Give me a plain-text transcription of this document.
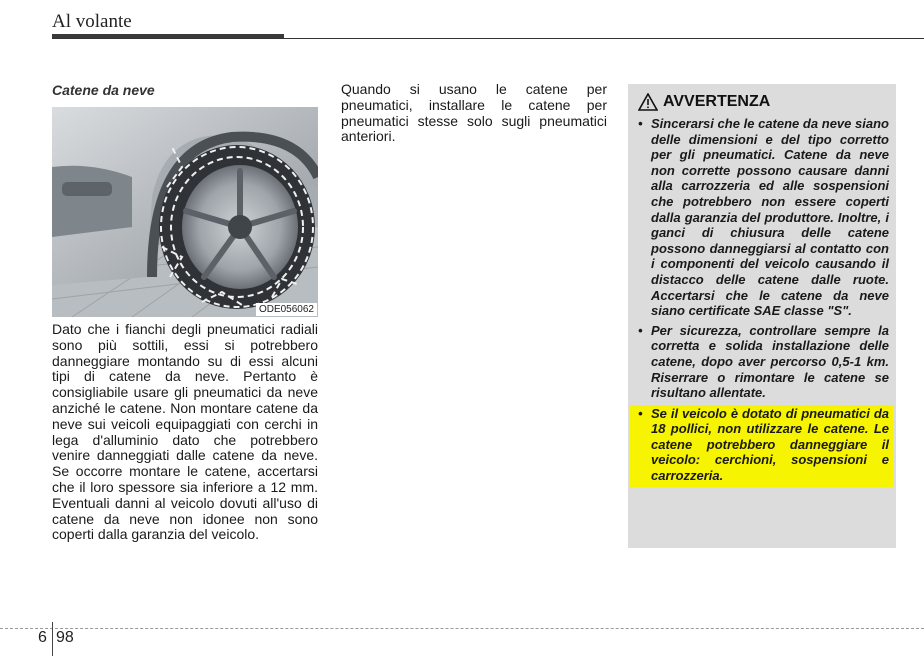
Al volante
Catene da neve
ODE056062
Dato che i fianchi degli pneumatici radiali sono più sottili, essi si potrebbero danneggiare montando su di essi alcuni tipi di catene da neve. Pertanto è consigliabile usare gli pneumatici da neve anziché le catene. Non montare catene da neve sui veicoli equipaggiati con cerchi in lega d'alluminio dato che potrebbero venire danneggiati dalle catene da neve. Se occorre montare le catene, accertarsi che il loro spessore sia inferiore a 12 mm. Eventuali danni al veicolo dovuti all'uso di catene da neve non idonee non sono coperti dalla garanzia del veicolo.
Quando si usano le catene per pneumatici, installare le catene per pneumatici stesse solo sugli pneumatici anteriori.
AVVERTENZA
• Sincerarsi che le catene da neve siano delle dimensioni e del tipo corretto per gli pneumatici. Catene da neve non corrette possono causare danni alla carrozzeria ed alle sospensioni che potrebbero non essere coperti dalla garanzia del produttore. Inoltre, i ganci di chiusura delle catene possono danneggiarsi al contatto con i componenti del veicolo causando il distacco delle catene dalle ruote. Accertarsi che le catene da neve siano certificate SAE classe "S".
• Per sicurezza, controllare sempre la corretta e solida installazione delle catene, dopo aver percorso 0,5-1 km. Riserrare o rimontare le catene se risultano allentate.
• Se il veicolo è dotato di pneumatici da 18 pollici, non utilizzare le catene. Le catene potrebbero danneggiare il veicolo: cerchioni, sospensioni e carrozzeria.
6 98
